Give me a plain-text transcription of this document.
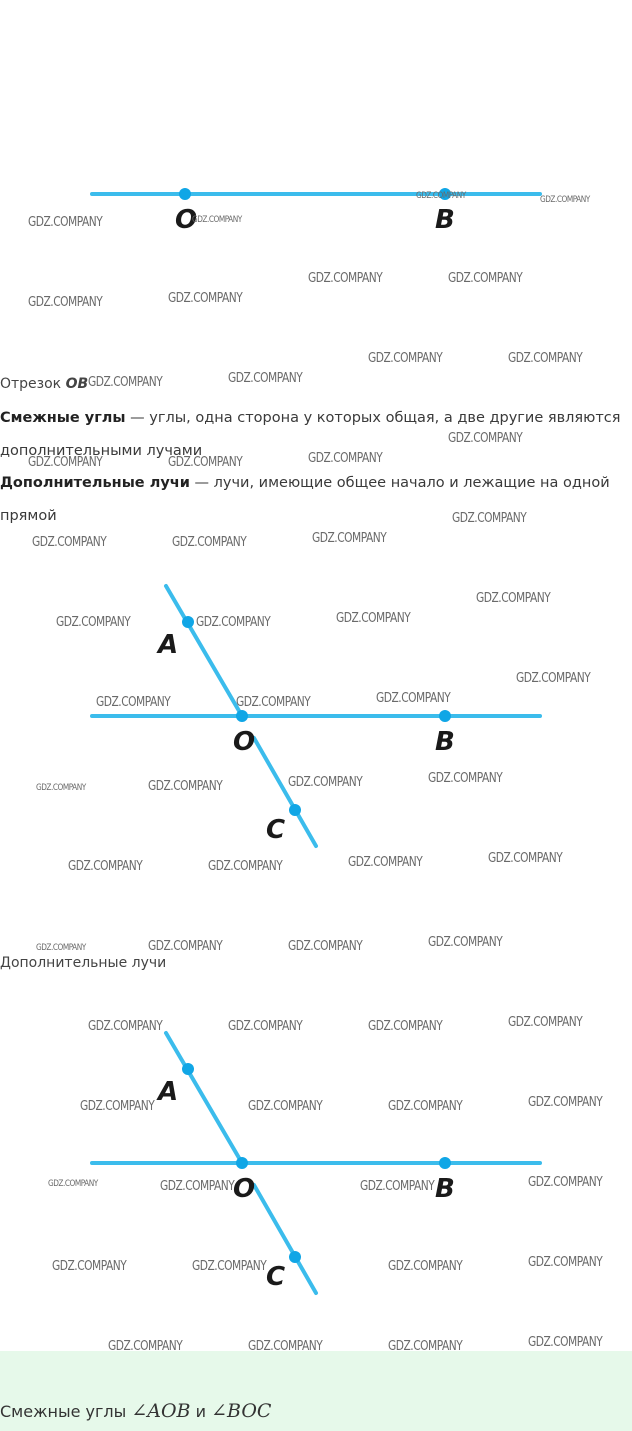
O	B
Отрезок OB
Смежные углы — углы, одна сторона у которых общая, а две другие являются дополнительными лучами
Дополнительные лучи — лучи, имеющие общее начало и лежащие на одной прямой
A
O	B
C
Дополнительные лучи
A
O	B
C
Смежные углы ∠AOB и ∠BOC
GDZ.COMPANY	GDZ.COMPANY
GDZ.COMPANY	GDZ.COMPANY
GDZ.COMPANY	GDZ.COMPANY
GDZ.COMPANY	GDZ.COMPANY
GDZ.COMPANY	GDZ.COMPANY
GDZ.COMPANY	GDZ.COMPANY
GDZ.COMPANY
GDZ.COMPANY	GDZ.COMPANY	GDZ.COMPANY
GDZ.COMPANY
GDZ.COMPANY	GDZ.COMPANY	GDZ.COMPANY
GDZ.COMPANY
GDZ.COMPANY	GDZ.COMPANY	GDZ.COMPANY
GDZ.COMPANY
GDZ.COMPANY	GDZ.COMPANY	GDZ.COMPANY
GDZ.COMPANY	GDZ.COMPANY	GDZ.COMPANY	GDZ.COMPANY
GDZ.COMPANY	GDZ.COMPANY	GDZ.COMPANY	GDZ.COMPANY
GDZ.COMPANY	GDZ.COMPANY	GDZ.COMPANY	GDZ.COMPANY
GDZ.COMPANY	GDZ.COMPANY	GDZ.COMPANY	GDZ.COMPANY
GDZ.COMPANY	GDZ.COMPANY	GDZ.COMPANY	GDZ.COMPANY
GDZ.COMPANY	GDZ.COMPANY	GDZ.COMPANY	GDZ.COMPANY
GDZ.COMPANY	GDZ.COMPANY	GDZ.COMPANY	GDZ.COMPANY
GDZ.COMPANY	GDZ.COMPANY	GDZ.COMPANY	GDZ.COMPANY
